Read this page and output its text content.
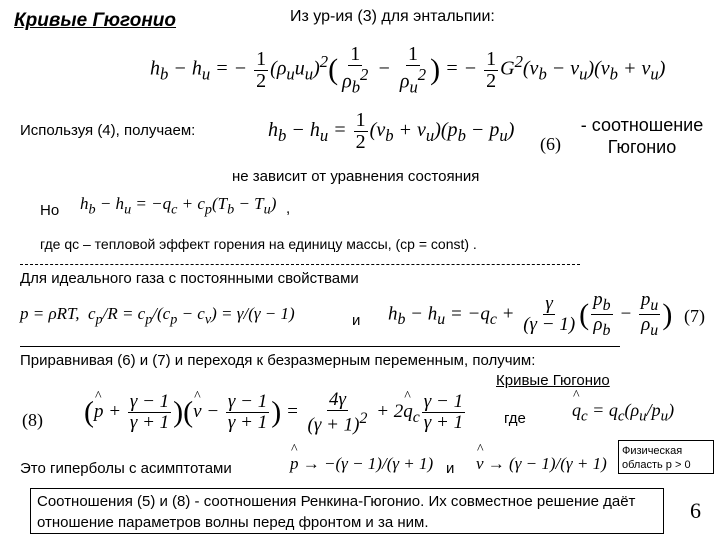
Кривые Гюгонио	Из ур-ия (3) для энтальпии:
$h_b - h_u$ = − $\frac{1}{2} (\rho_uu_u)^2( \frac{1}{\rho_b^2} - \frac{1}{\rho_u^2}$ ) = − $\frac{1}{2} G^2(v_b - v_u)(v_b + v_u)$
Используя (4), получаем:	$h_b - h_u = \frac{1}{2} (v_b + v_u)(p_b - p_u)$
(6)
- соотношение Гюгонио
не зависит от уравнения состояния
Но $h_b - h_u = -q_c + c_p(T_b - T_u)$ ,
где qc – тепловой эффект горения на единицу массы, (cp = const) .
Для идеального газа с постоянными свойствами
p = ρRT,  $c_p/R = c_p/(c_p - c_v) = \gamma/(\gamma - 1)$	и $h_b - h_u = -q_c + \frac{\gamma}{(\gamma - 1)}$ ( $\frac{p_b}{\rho_b} - \frac{p_u}{\rho_u}$ ) (7)
Приравнивая (6) и (7) и переходя к безразмерным переменным, получим:
Кривые Гюгонио
(8) (^ $p + \frac{\gamma - 1}{\gamma + 1}$ )(^ $v - \frac{\gamma - 1}{\gamma + 1}$ ) = $\frac{4\gamma}{(\gamma + 1)^2}$ + 2^ $q_c \frac{\gamma - 1}{\gamma + 1}$	где	^ $q_c = q_c(\rho_u/p_u)$
Это гиперболы с асимптотами	^ p → −(γ − 1)/(γ + 1) и ^ v → (γ − 1)/(γ + 1)
Физическая область p > 0
Соотношения (5) и (8) - соотношения Ренкина-Гюгонио. Их совместное решение даёт отношение параметров волны перед фронтом и за ним.	6
